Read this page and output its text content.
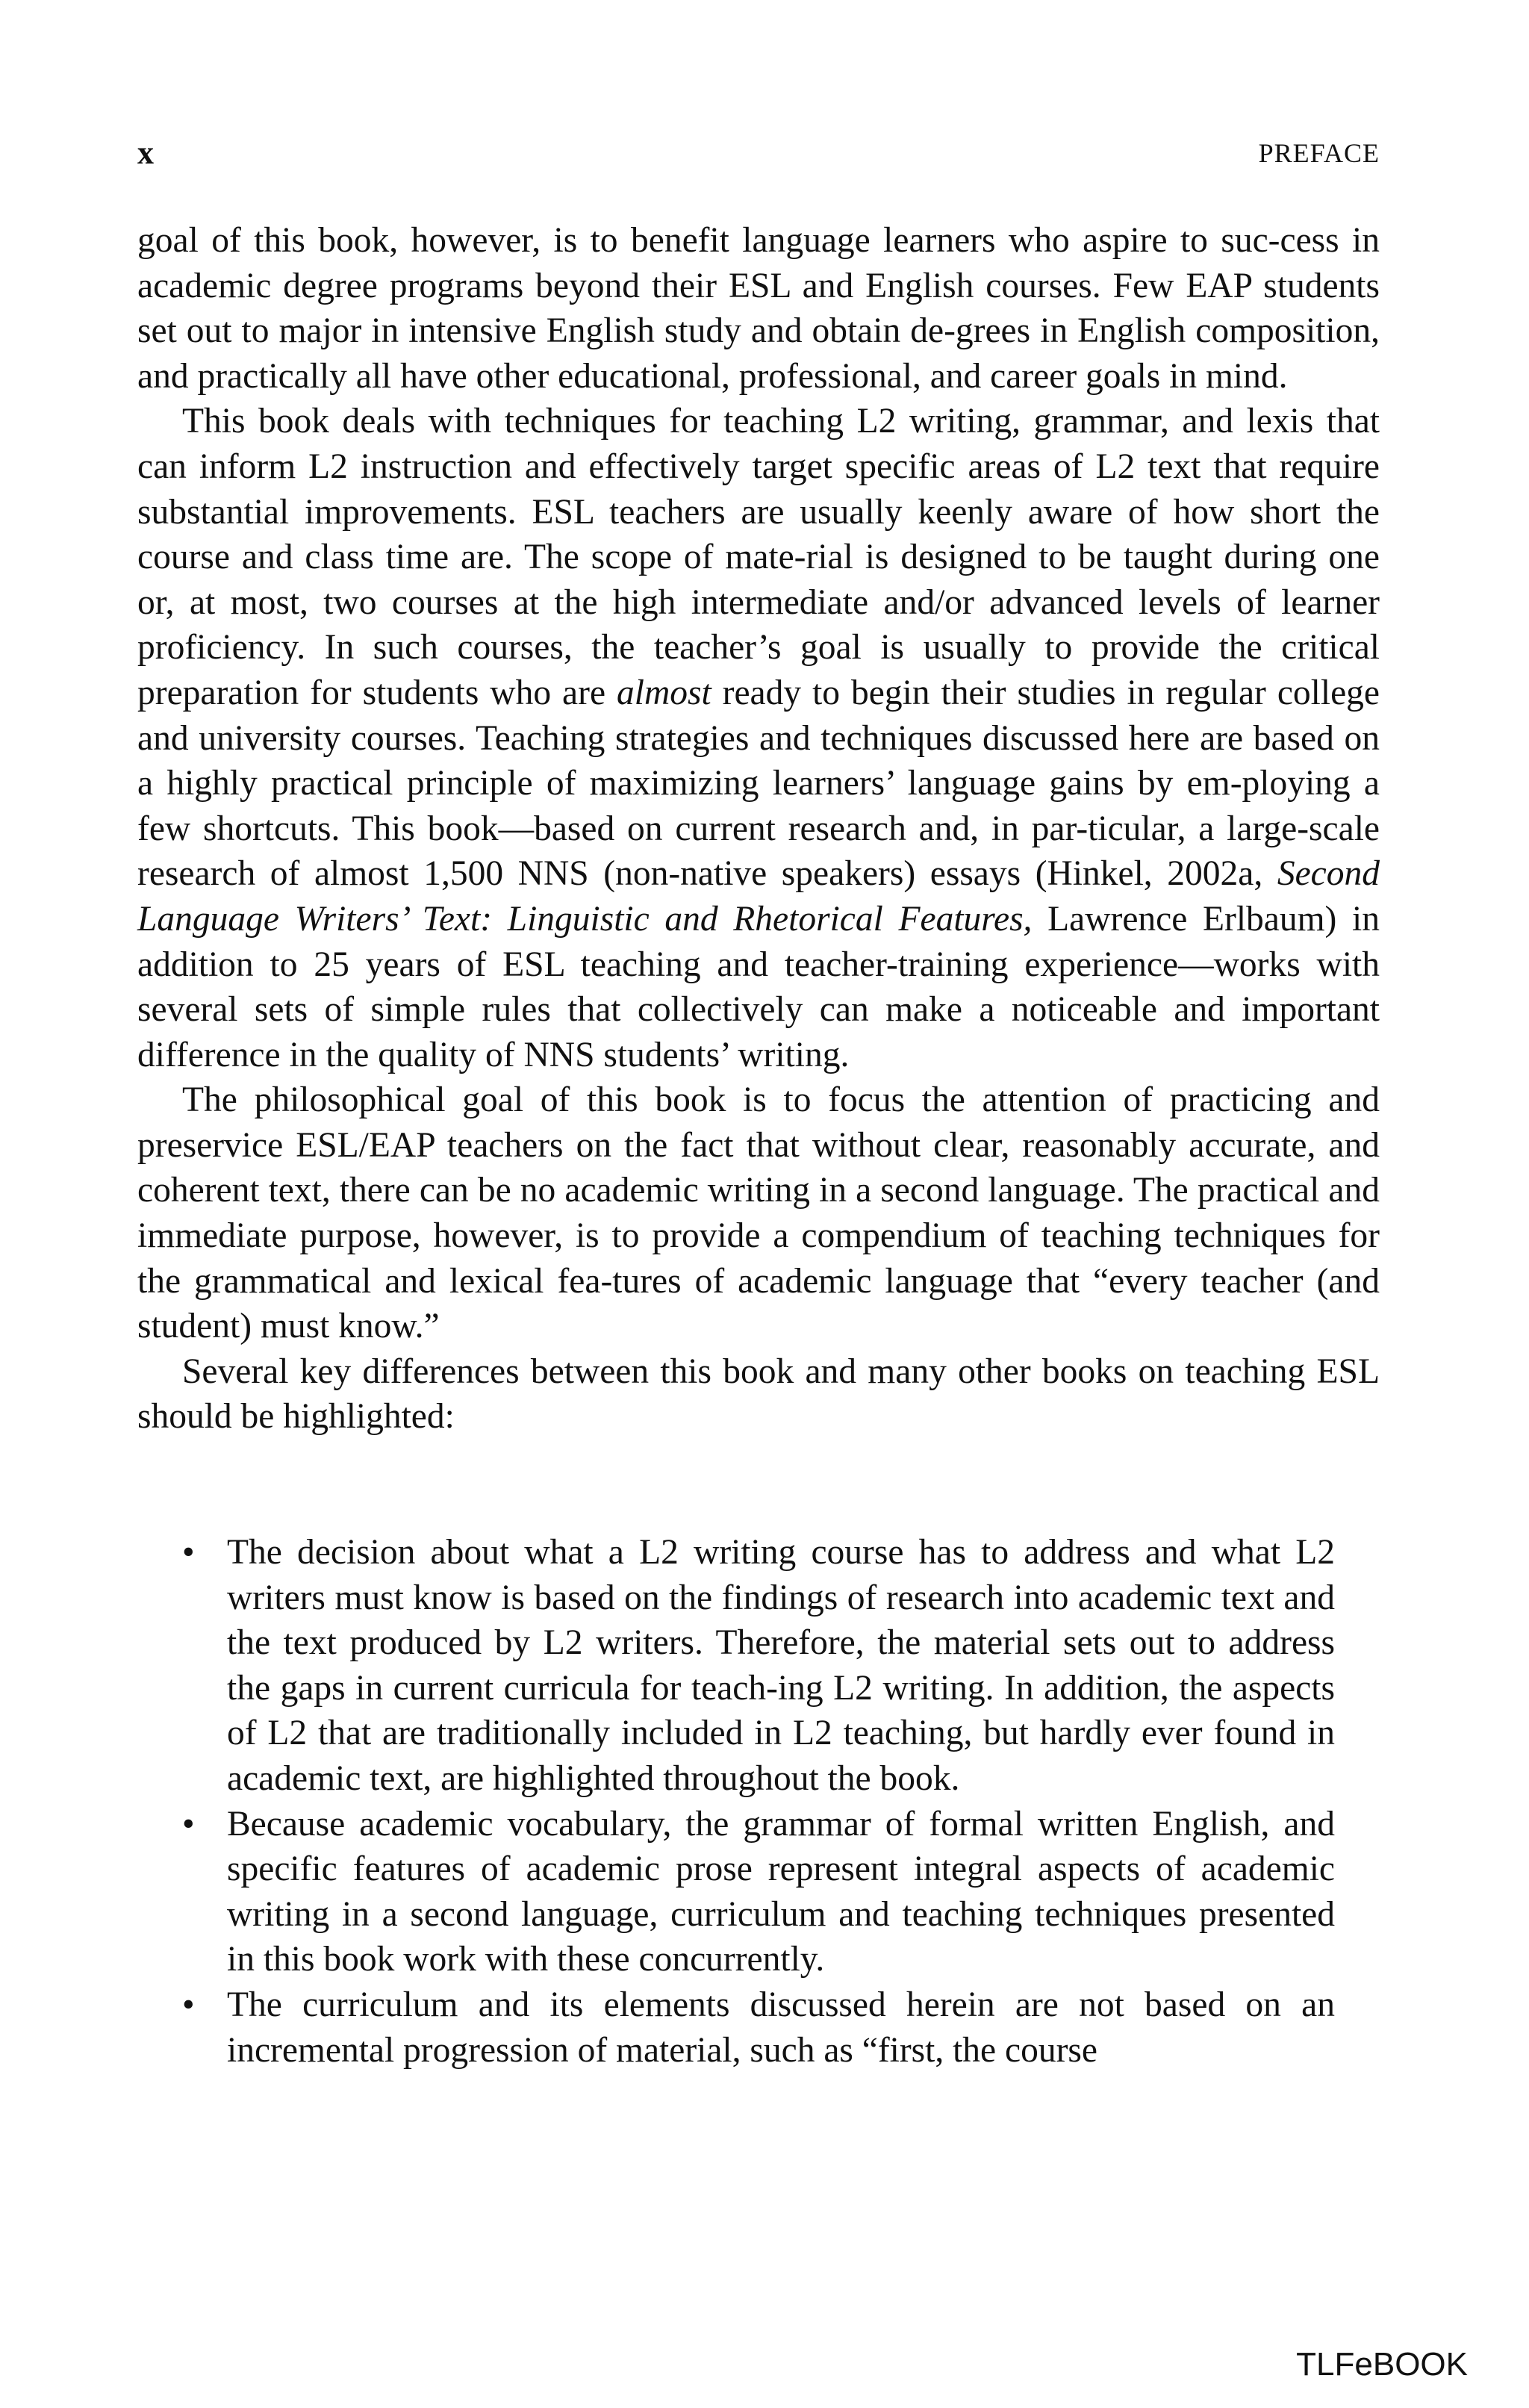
x	PREFACE

goal of this book, however, is to benefit language learners who aspire to suc-cess in academic degree programs beyond their ESL and English courses. Few EAP students set out to major in intensive English study and obtain de-grees in English composition, and practically all have other educational, professional, and career goals in mind.

This book deals with techniques for teaching L2 writing, grammar, and lexis that can inform L2 instruction and effectively target specific areas of L2 text that require substantial improvements. ESL teachers are usually keenly aware of how short the course and class time are. The scope of mate-rial is designed to be taught during one or, at most, two courses at the high intermediate and/or advanced levels of learner proficiency. In such courses, the teacher’s goal is usually to provide the critical preparation for students who are almost ready to begin their studies in regular college and university courses. Teaching strategies and techniques discussed here are based on a highly practical principle of maximizing learners’ language gains by em-ploying a few shortcuts. This book—based on current research and, in par-ticular, a large-scale research of almost 1,500 NNS (non-native speakers) essays (Hinkel, 2002a, Second Language Writers’ Text: Linguistic and Rhetorical Features, Lawrence Erlbaum) in addition to 25 years of ESL teaching and teacher-training experience—works with several sets of simple rules that collectively can make a noticeable and important difference in the quality of NNS students’ writing.

The philosophical goal of this book is to focus the attention of practicing and preservice ESL/EAP teachers on the fact that without clear, reasonably accurate, and coherent text, there can be no academic writing in a second language. The practical and immediate purpose, however, is to provide a compendium of teaching techniques for the grammatical and lexical fea-tures of academic language that “every teacher (and student) must know.”

Several key differences between this book and many other books on teaching ESL should be highlighted:

• The decision about what a L2 writing course has to address and what L2 writers must know is based on the findings of research into academic text and the text produced by L2 writers. Therefore, the material sets out to address the gaps in current curricula for teach-ing L2 writing. In addition, the aspects of L2 that are traditionally included in L2 teaching, but hardly ever found in academic text, are highlighted throughout the book.
• Because academic vocabulary, the grammar of formal written English, and specific features of academic prose represent integral aspects of academic writing in a second language, curriculum and teaching techniques presented in this book work with these concurrently.
• The curriculum and its elements discussed herein are not based on an incremental progression of material, such as “first, the course
TLFeBOOK
